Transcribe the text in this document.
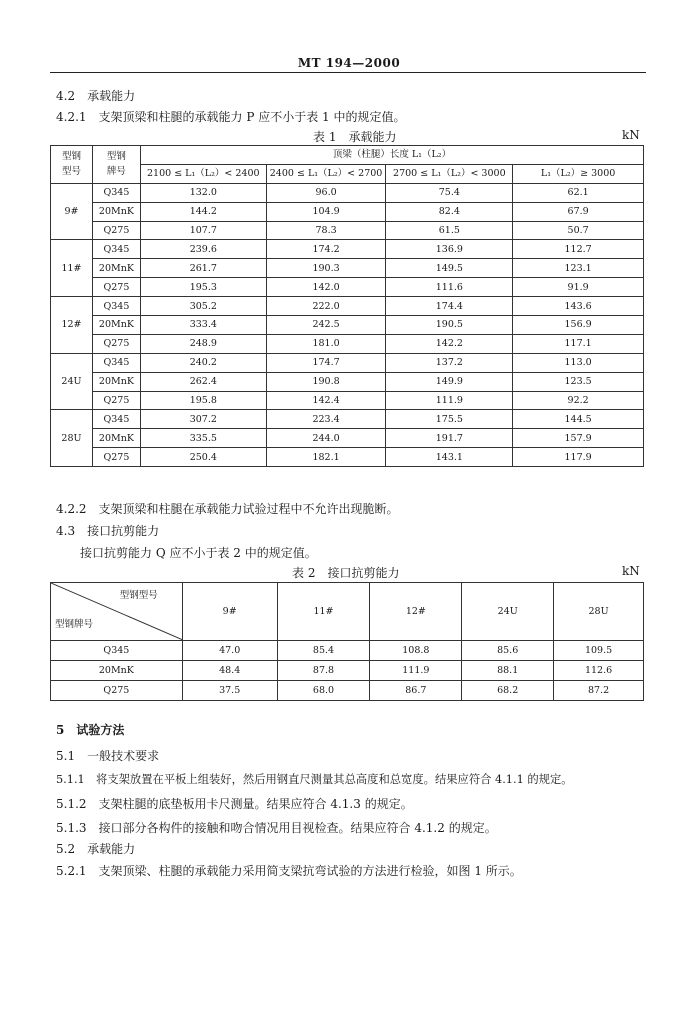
MT 194—2000
4.2　承载能力
4.2.1　支架顶梁和柱腿的承载能力 P 应不小于表 1 中的规定值。
表 1　承载能力	kN
型钢
型号	型钢
牌号	顶梁（柱腿）长度 L₁（L₂）			
		2100 ≤ L₁（L₂）< 2400	2400 ≤ L₁（L₂）< 2700	2700 ≤ L₁（L₂）< 3000	L₁（L₂）≥ 3000
9#	Q345	132.0	96.0	75.4	62.1
	20MnK	144.2	104.9	82.4	67.9
	Q275	107.7	78.3	61.5	50.7
11#	Q345	239.6	174.2	136.9	112.7
	20MnK	261.7	190.3	149.5	123.1
	Q275	195.3	142.0	111.6	91.9
12#	Q345	305.2	222.0	174.4	143.6
	20MnK	333.4	242.5	190.5	156.9
	Q275	248.9	181.0	142.2	117.1
24U	Q345	240.2	174.7	137.2	113.0
	20MnK	262.4	190.8	149.9	123.5
	Q275	195.8	142.4	111.9	92.2
28U	Q345	307.2	223.4	175.5	144.5
	20MnK	335.5	244.0	191.7	157.9
	Q275	250.4	182.1	143.1	117.9
4.2.2　支架顶梁和柱腿在承载能力试验过程中不允许出现脆断。
4.3　接口抗剪能力
接口抗剪能力 Q 应不小于表 2 中的规定值。
表 2　接口抗剪能力	kN
型钢型号
型钢牌号	9#	11#	12#	24U	28U
Q345	47.0	85.4	108.8	85.6	109.5
20MnK	48.4	87.8	111.9	88.1	112.6
Q275	37.5	68.0	86.7	68.2	87.2
5　试验方法
5.1　一般技术要求
5.1.1　将支架放置在平板上组装好，然后用钢直尺测量其总高度和总宽度。结果应符合 4.1.1 的规定。
5.1.2　支架柱腿的底垫板用卡尺测量。结果应符合 4.1.3 的规定。
5.1.3　接口部分各构件的接触和吻合情况用目视检查。结果应符合 4.1.2 的规定。
5.2　承载能力
5.2.1　支架顶梁、柱腿的承载能力采用简支梁抗弯试验的方法进行检验，如图 1 所示。
